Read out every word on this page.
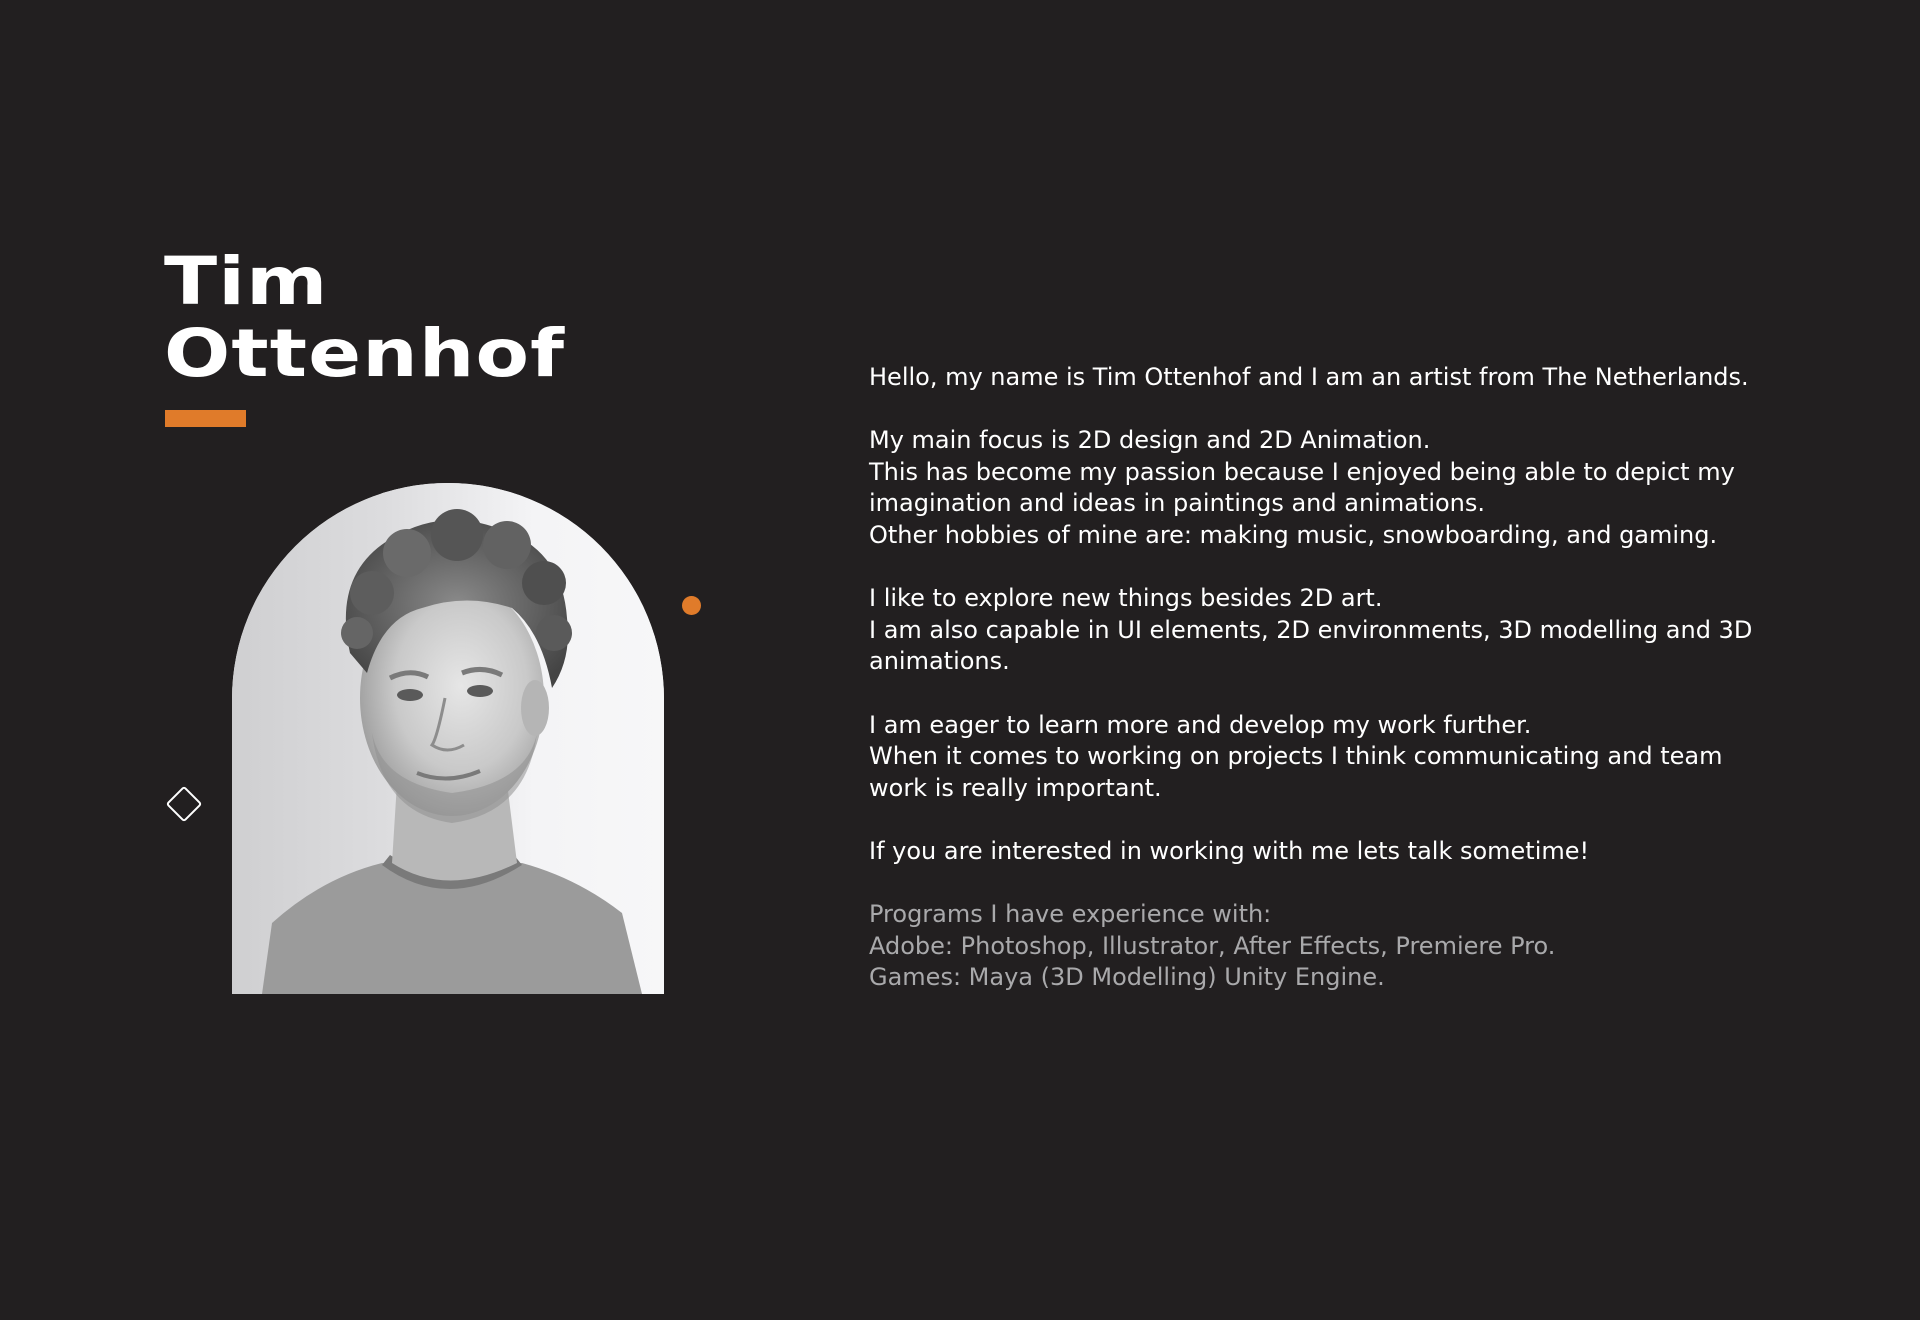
Tim
Ottenhof	Hello, my name is Tim Ottenhof and I am an artist from The Netherlands.

My main focus is 2D design and 2D Animation.
This has become my passion because I enjoyed being able to depict my
imagination and ideas in paintings and animations.
Other hobbies of mine are: making music, snowboarding, and gaming.

I like to explore new things besides 2D art.
I am also capable in UI elements, 2D environments, 3D modelling and 3D
animations.

I am eager to learn more and develop my work further.
When it comes to working on projects I think communicating and team
work is really important.

If you are interested in working with me lets talk sometime!

Programs I have experience with:
Adobe: Photoshop, Illustrator, After Effects, Premiere Pro.
Games: Maya (3D Modelling) Unity Engine.
